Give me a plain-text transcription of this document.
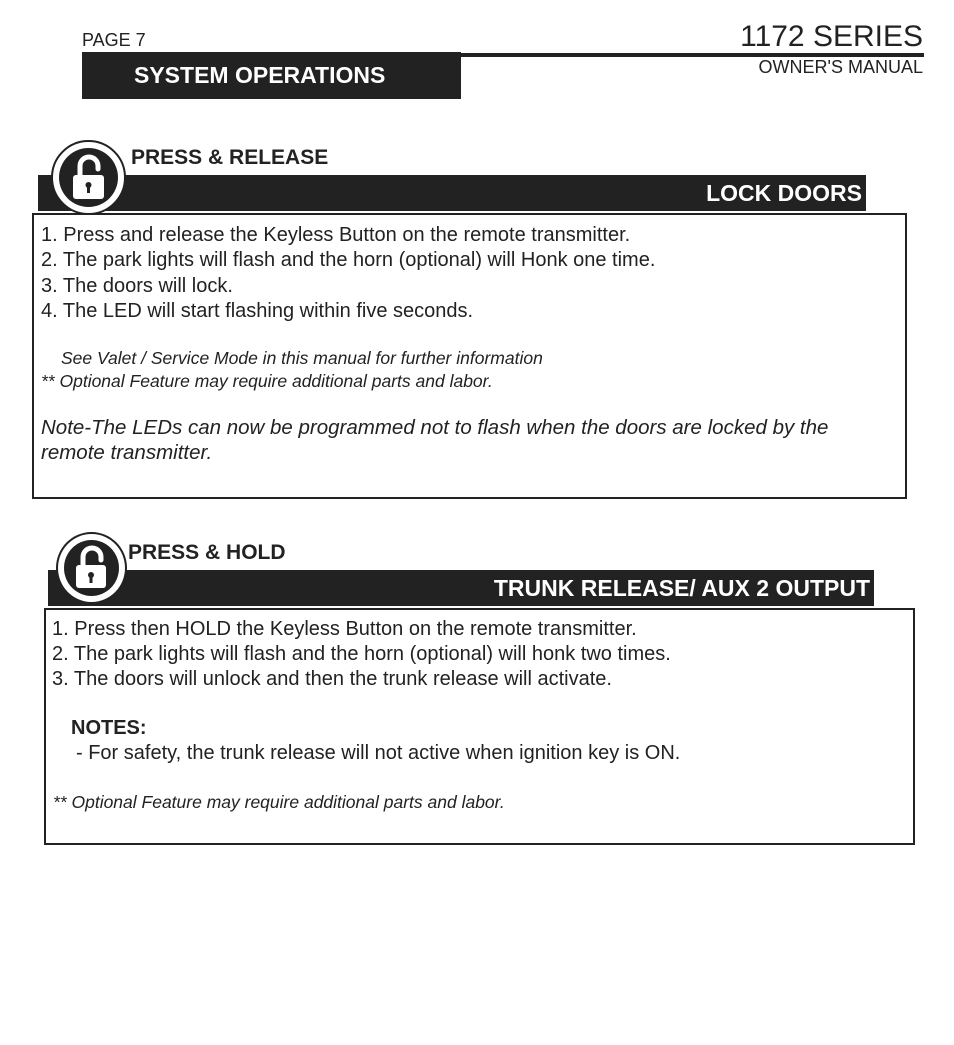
PAGE 7	1172 SERIES
OWNER'S MANUAL
SYSTEM OPERATIONS
LOCK DOORS
PRESS & RELEASE
1. Press and release the Keyless Button on the remote transmitter.
2. The park lights will flash and the horn (optional) will Honk one time.
3. The doors will lock.
4. The LED will start flashing within five seconds.
See Valet / Service Mode in this manual for further information
** Optional Feature may require additional parts and labor.
Note-The LEDs can now be programmed not to flash when the doors are locked by the remote transmitter.
TRUNK RELEASE/ AUX 2 OUTPUT
PRESS & HOLD
1. Press then HOLD the Keyless Button on the remote transmitter.
2. The park lights will flash and the horn (optional) will honk two times.
3. The doors will unlock and then the trunk release will activate.
NOTES:
- For safety, the trunk release will not active when ignition key is ON.
** Optional Feature may require additional parts and labor.
